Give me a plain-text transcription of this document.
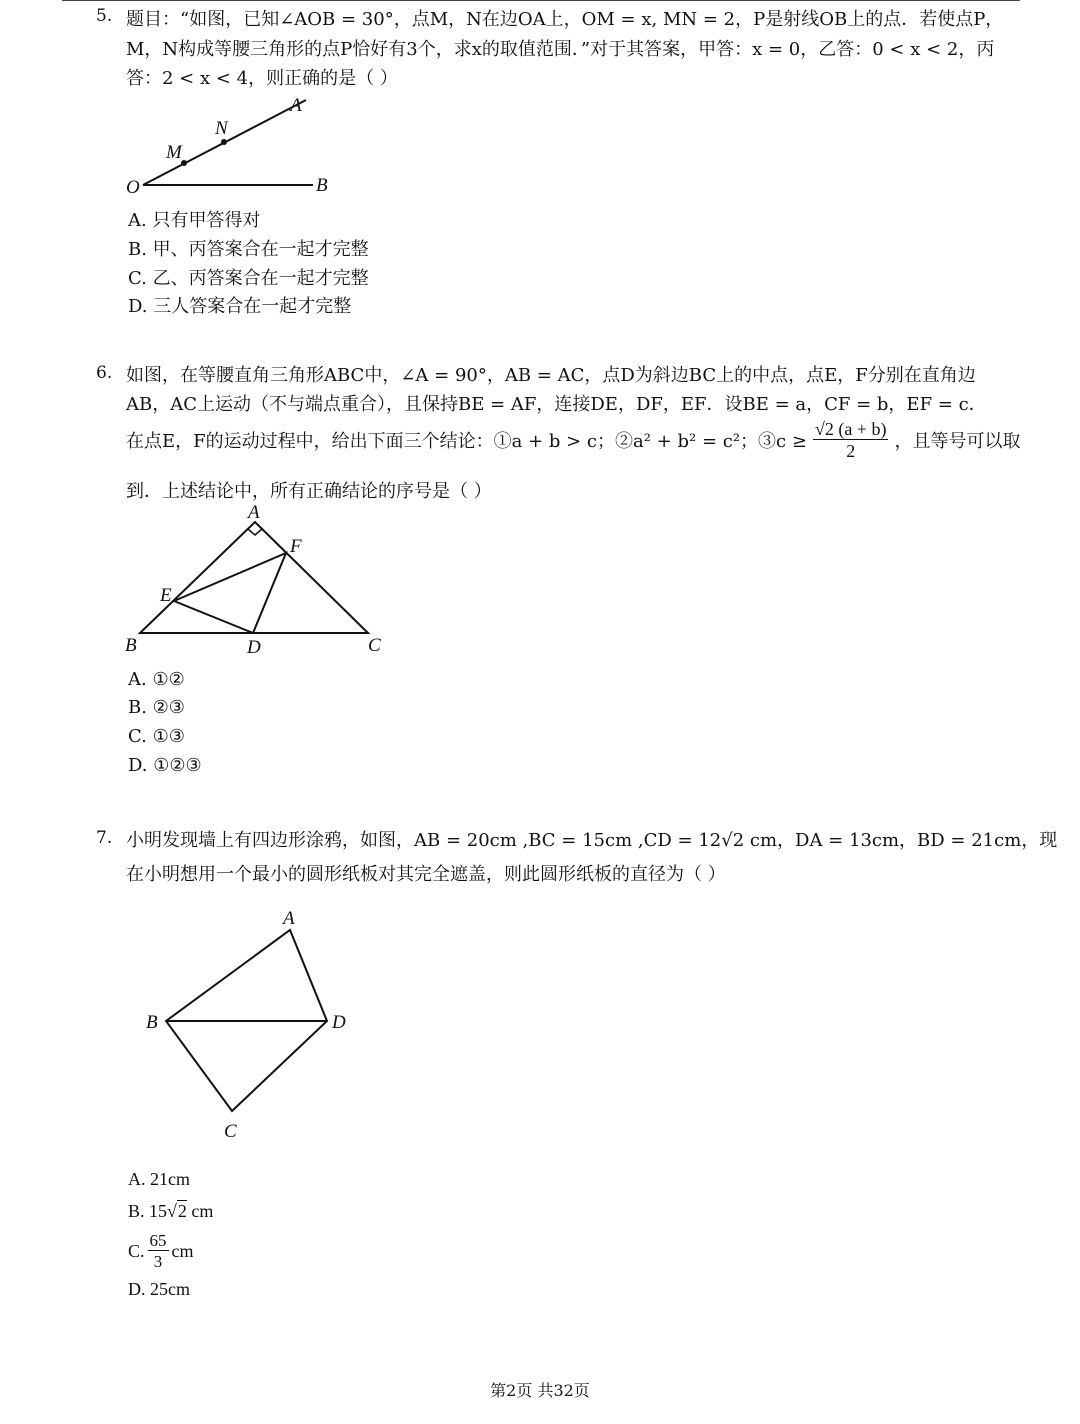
5. 题目：“如图，已知∠AOB = 30°，点M，N在边OA上，OM = x, MN = 2，P是射线OB上的点．若使点P，
M，N构成等腰三角形的点P恰好有3个，求x的取值范围．”对于其答案，甲答：x = 0，乙答：0 < x < 2，丙
答：2 < x < 4，则正确的是（ ）
O	B
A
M
N
A. 只有甲答得对
B. 甲、丙答案合在一起才完整
C. 乙、丙答案合在一起才完整
D. 三人答案合在一起才完整
6. 如图，在等腰直角三角形ABC中，∠A = 90°，AB = AC，点D为斜边BC上的中点，点E，F分别在直角边
AB，AC上运动（不与端点重合），且保持BE = AF，连接DE，DF，EF．设BE = a，CF = b，EF = c．
在点E，F的运动过程中，给出下面三个结论：①a + b > c；②a² + b² = c²；③c ≥ $\frac{√2 (a + b)}{2}$ ，且等号可以取
到．上述结论中，所有正确结论的序号是（ ）
A
F
E
B	D	C
A. ①②
B. ②③
C. ①③
D. ①②③
7. 小明发现墙上有四边形涂鸦，如图，AB = 20cm ,BC = 15cm ,CD = 12√2 cm，DA = 13cm，BD = 21cm，现
在小明想用一个最小的圆形纸板对其完全遮盖，则此圆形纸板的直径为（ ）
A
B	D
C
A. 21cm
B. 15√2 cm
C. $\frac{65}{3}$ cm
D. 25cm
第2页 共32页
